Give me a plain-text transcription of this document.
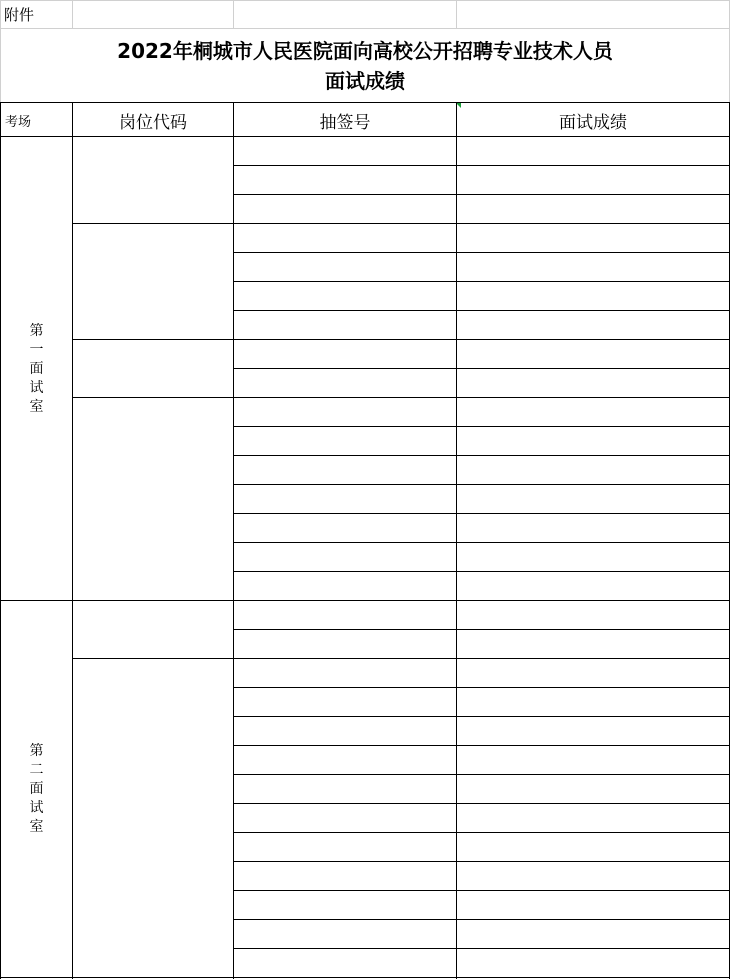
附件
2022年桐城市人民医院面向高校公开招聘专业技术人员
面试成绩
考场	岗位代码	抽签号	面试成绩
第一面试室
第二面试室
